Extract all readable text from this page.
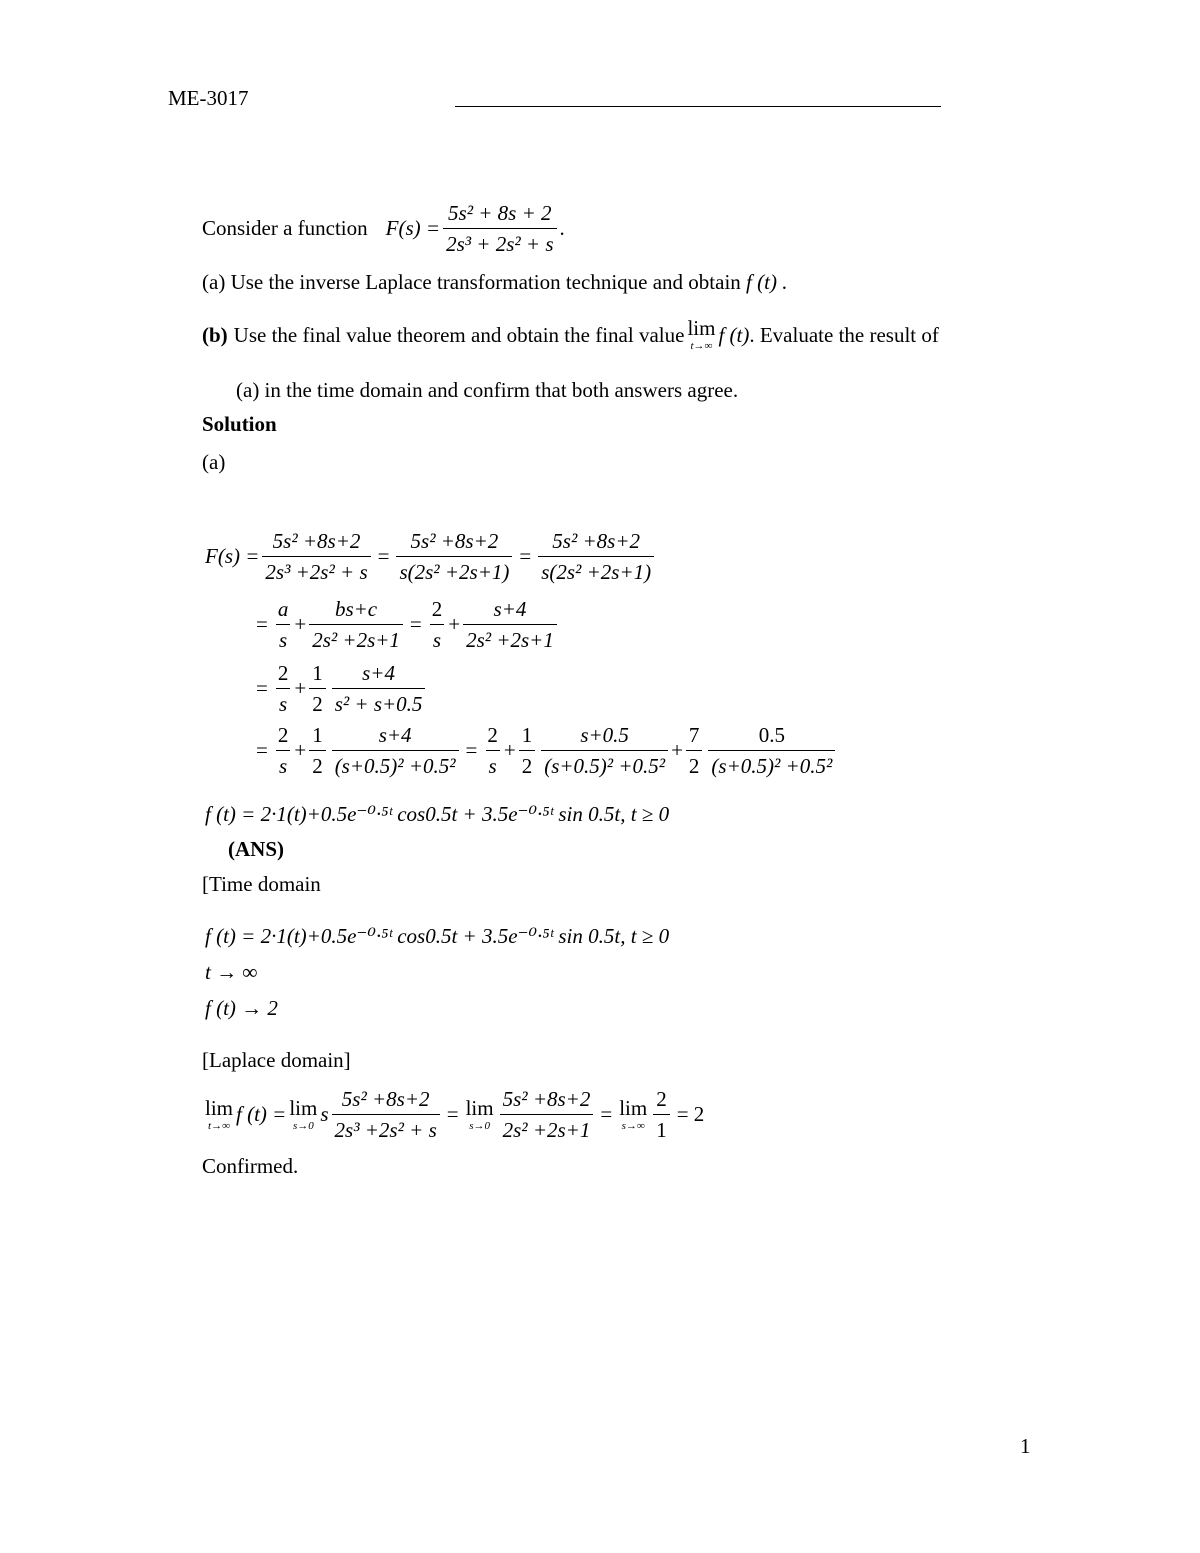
ME-3017
Consider a function $F(s) = \frac{\text{5s² + 8s + 2}}{\text{2s³ + 2s² + s}}$ .
(a) Use the inverse Laplace transformation technique and obtain f (t) .
(b) Use the final value theorem and obtain the final value lim
t→∞ f (t) . Evaluate the result of
(a) in the time domain and confirm that both answers agree.
Solution
(a)
$F(s) = \frac{\text{5s² +8s+2}}{\text{2s³ +2s² + s}} = \frac{\text{5s² +8s+2}}{\text{s(2s² +2s+1)}} = \frac{\text{5s² +8s+2}}{\text{s(2s² +2s+1)}}$
= $\frac{a}{s} + \frac{bs+c}{\text{2s² +2s+1}} = \frac{2}{s} + \frac{s+4}{\text{2s² +2s+1}}$
= $\frac{2}{s} + \frac{1}{2} \frac{s+4}{\text{s² + s+0.5}}$
= $\frac{2}{s} + \frac{1}{2} \frac{s+4}{\text{(s+0.5)² +0.5²}} = \frac{2}{s} + \frac{1}{2} \frac{s+0.5}{\text{(s+0.5)² +0.5²}} + \frac{7}{2} \frac{0.5}{\text{(s+0.5)² +0.5²}}$
f (t) = 2·1(t)+0.5e⁻⁰·⁵ᵗ cos0.5t + 3.5e⁻⁰·⁵ᵗ sin 0.5t, t ≥ 0
(ANS)
[Time domain
f (t) = 2·1(t)+0.5e⁻⁰·⁵ᵗ cos0.5t + 3.5e⁻⁰·⁵ᵗ sin 0.5t, t ≥ 0
t → ∞
f (t) → 2
[Laplace domain]
lim
t→∞ f (t) = lim
s→0 s $\frac{\text{5s² +8s+2}}{\text{2s³ +2s² + s}} = \lim$
$s\to 0 \frac{\text{5s² +8s+2}}{\text{2s² +2s+1}} = \lim$
$s\to\infty \frac{2}{1} = 2$
Confirmed.
1
